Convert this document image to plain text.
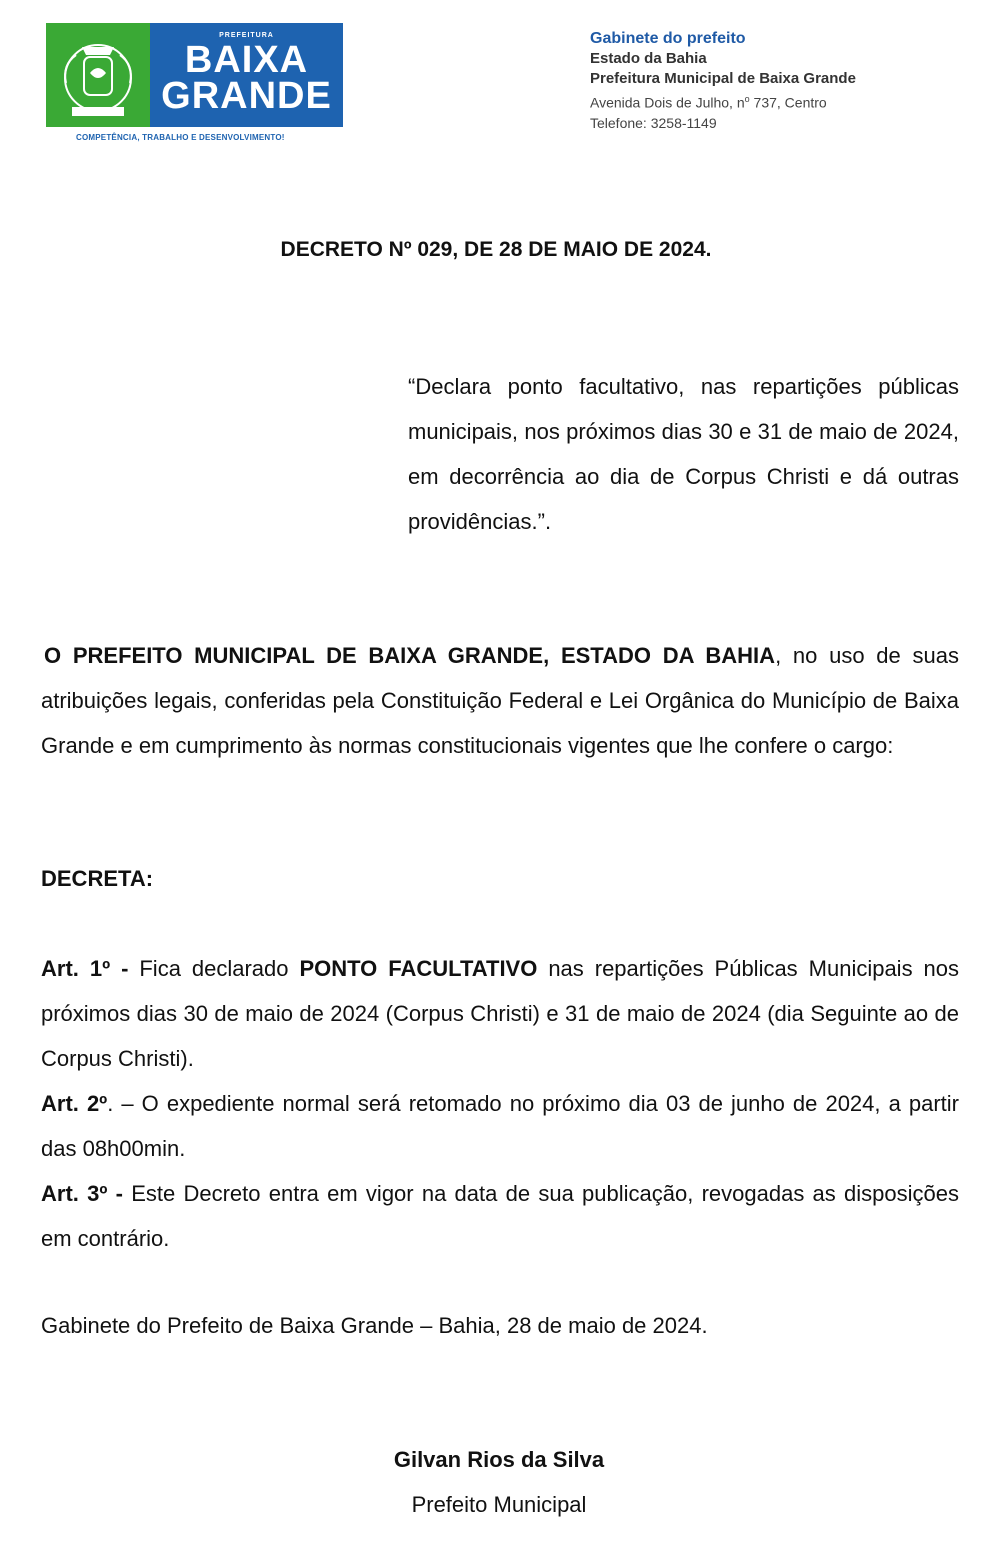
PREFEITURA
BAIXA
GRANDE
COMPETÊNCIA, TRABALHO E DESENVOLVIMENTO!
Gabinete do prefeito
Estado da Bahia
Prefeitura Municipal de Baixa Grande
Avenida Dois de Julho, $n^o$ 737, Centro
Telefone: 3258-1149
DECRETO Nº 029, DE 28 DE MAIO DE 2024.
“Declara ponto facultativo, nas repartições públicas municipais, nos próximos dias 30 e 31 de maio de 2024, em decorrência ao dia de Corpus Christi e dá outras providências.”.
O PREFEITO MUNICIPAL DE BAIXA GRANDE, ESTADO DA BAHIA, no uso de suas atribuições legais, conferidas pela Constituição Federal e Lei Orgânica do Município de Baixa Grande e em cumprimento às normas constitucionais vigentes que lhe confere o cargo:
DECRETA:

Art. 1º - Fica declarado PONTO FACULTATIVO nas repartições Públicas Municipais nos próximos dias 30 de maio de 2024 (Corpus Christi) e 31 de maio de 2024 (dia Seguinte ao de Corpus Christi).

Art. 2º. – O expediente normal será retomado no próximo dia 03 de junho de 2024, a partir das 08h00min.

Art. 3º - Este Decreto entra em vigor na data de sua publicação, revogadas as disposições em contrário.

Gabinete do Prefeito de Baixa Grande – Bahia, 28 de maio de 2024.
Gilvan Rios da Silva
Prefeito Municipal
